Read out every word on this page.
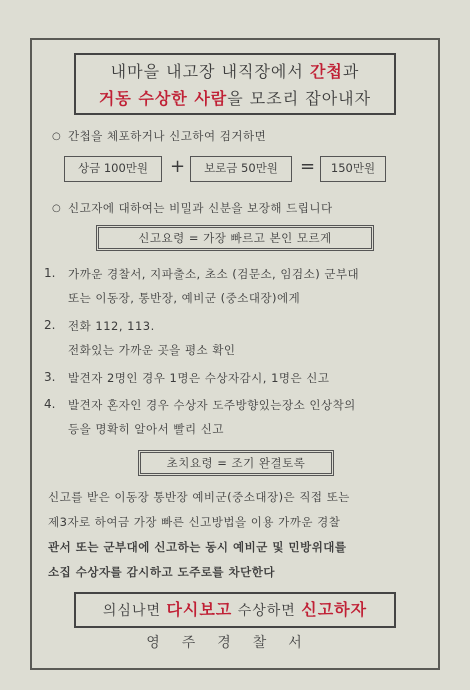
내마을 내고장 내직장에서 간첩과
거동 수상한 사람을 모조리 잡아내자
○ 간첩을 체포하거나 신고하여 검거하면
상금 100만원	+	보로금 50만원	=	150만원
○ 신고자에 대하여는 비밀과 신분을 보장해 드립니다
신고요령 = 가장 빠르고 본인 모르게
1. 가까운 경찰서, 지파출소, 초소 (검문소, 임검소) 군부대
또는 이동장, 통반장, 예비군 (중소대장)에게
2. 전화 112, 113.
전화있는 가까운 곳을 평소 확인
3. 발견자 2명인 경우 1명은 수상자감시, 1명은 신고
4. 발견자 혼자인 경우 수상자 도주방향있는장소 인상착의
등을 명확히 알아서 빨리 신고
초치요령 = 조기 완결토록
신고를 받은 이동장 통반장 예비군(중소대장)은 직접 또는
제3자로 하여금 가장 빠른 신고방법을 이용 가까운 경찰
관서 또는 군부대에 신고하는 동시 예비군 및 민방위대를
소집 수상자를 감시하고 도주로를 차단한다
의심나면 다시보고 수상하면 신고하자
영주경찰서
